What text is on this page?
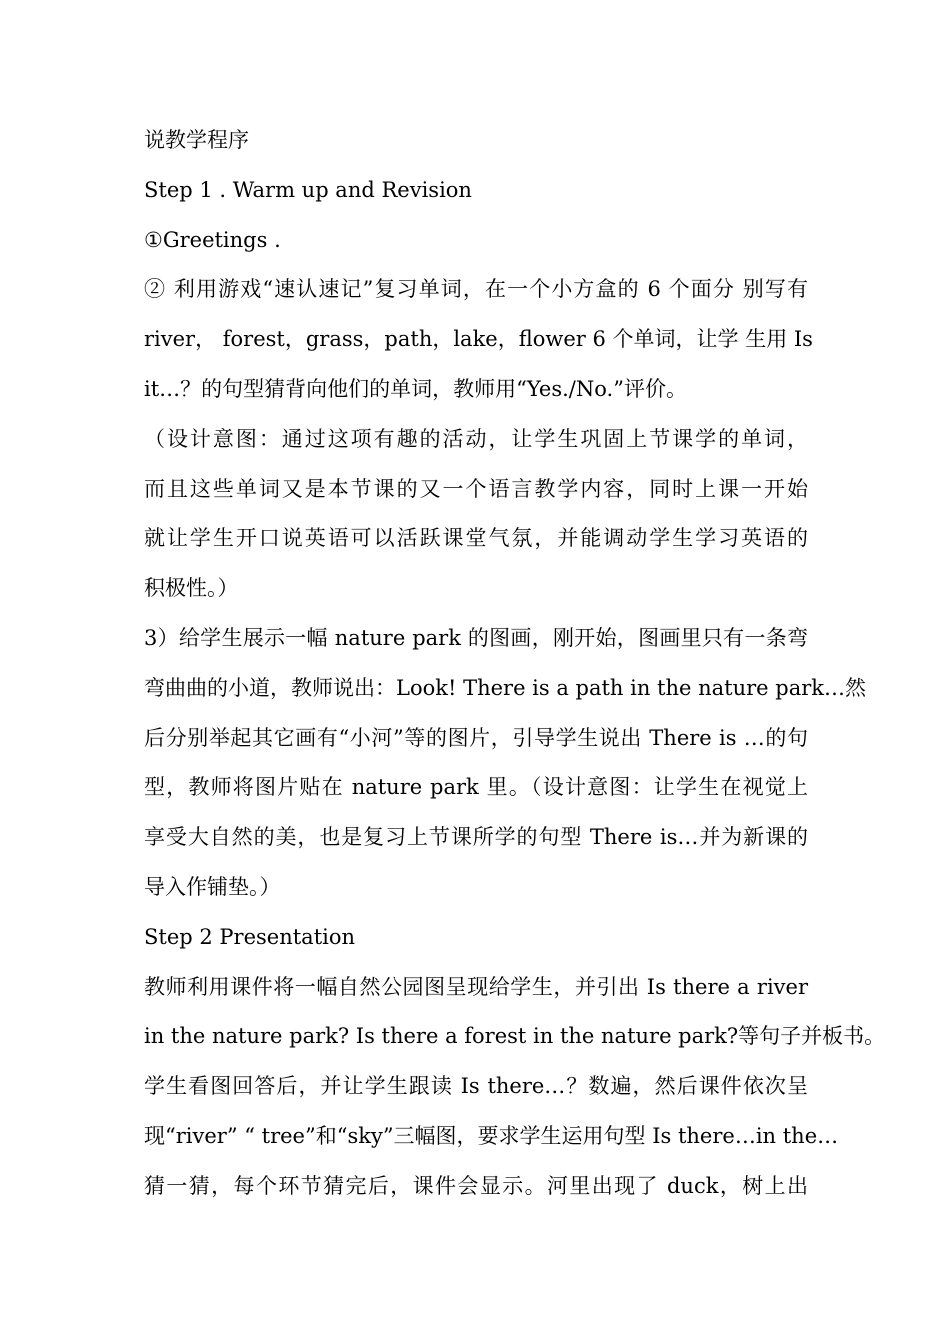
说教学程序
Step 1 . Warm up and Revision
①Greetings .
② 利用游戏“速认速记”复习单词，在一个小方盒的 6 个面分 别写有
river， forest，grass，path，lake，flower 6 个单词，让学 生用 Is
it…？的句型猜背向他们的单词，教师用“Yes./No.”评价。
（设计意图：通过这项有趣的活动，让学生巩固上节课学的单词，
而且这些单词又是本节课的又一个语言教学内容，同时上课一开始
就让学生开口说英语可以活跃课堂气氛，并能调动学生学习英语的
积极性。）
3）给学生展示一幅 nature park 的图画，刚开始，图画里只有一条弯
弯曲曲的小道，教师说出：Look! There is a path in the nature park…然
后分别举起其它画有“小河”等的图片，引导学生说出 There is …的句
型，教师将图片贴在 nature park 里。（设计意图：让学生在视觉上
享受大自然的美，也是复习上节课所学的句型 There is…并为新课的
导入作铺垫。）
Step 2 Presentation
教师利用课件将一幅自然公园图呈现给学生，并引出 Is there a river
in the nature park? Is there a forest in the nature park?等句子并板书。
学生看图回答后，并让学生跟读 Is there…？数遍，然后课件依次呈
现“river” “ tree”和“sky”三幅图，要求学生运用句型 Is there…in the…
猜一猜，每个环节猜完后，课件会显示。河里出现了 duck，树上出
